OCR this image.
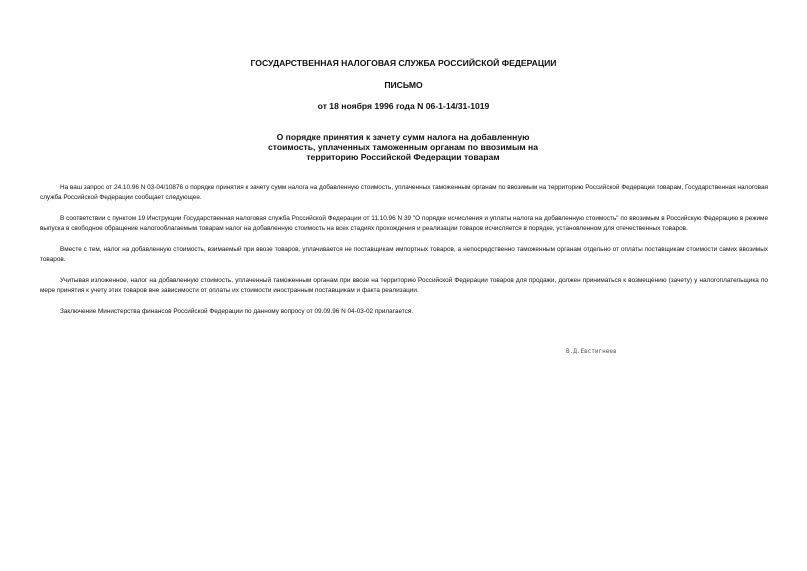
ГОСУДАРСТВЕННАЯ НАЛОГОВАЯ СЛУЖБА РОССИЙСКОЙ ФЕДЕРАЦИИ

ПИСЬМО

от 18 ноября 1996 года N 06-1-14/31-1019

О порядке принятия к зачету сумм налога на добавленную
стоимость, уплаченных таможенным органам по ввозимым на
территорию Российской Федерации товарам

На ваш запрос от 24.10.96 N 03-04/10876 о порядке принятия к зачету сумм налога на добавленную стоимость, уплаченных таможенным органам по ввозимым на территорию Российской Федерации товарам, Государственная налоговая служба Российской Федерации сообщает следующее.

В соответствии с пунктом 19 Инструкции Государственная налоговая служба Российской Федерации от 11.10.96 N 39 "О порядке исчисления и уплаты налога на добавленную стоимость" по ввозимым в Российскую Федерацию в режиме выпуска в свободное обращение налогооблагаемым товарам налог на добавленную стоимость на всех стадиях прохождения и реализации товаров исчисляется в порядке, установленном для отечественных товаров.

Вместе с тем, налог на добавленную стоимость, взимаемый при ввозе товаров, уплачивается не поставщикам импортных товаров, а непосредственно таможенным органам отдельно от оплаты поставщикам стоимости самих ввозимых товаров.

Учитывая изложенное, налог на добавленную стоимость, уплаченный таможенным органам при ввозе на территорию Российской Федерации товаров для продажи, должен приниматься к возмещению (зачету) у налогоплательщика по мере принятия к учету этих товаров вне зависимости от оплаты их стоимости иностранным поставщикам и факта реализации.

Заключение Министерства финансов Российской Федерации по данному вопросу от 09.09.96 N 04-03-02 прилагается.

В.Д.Евстигнеев
